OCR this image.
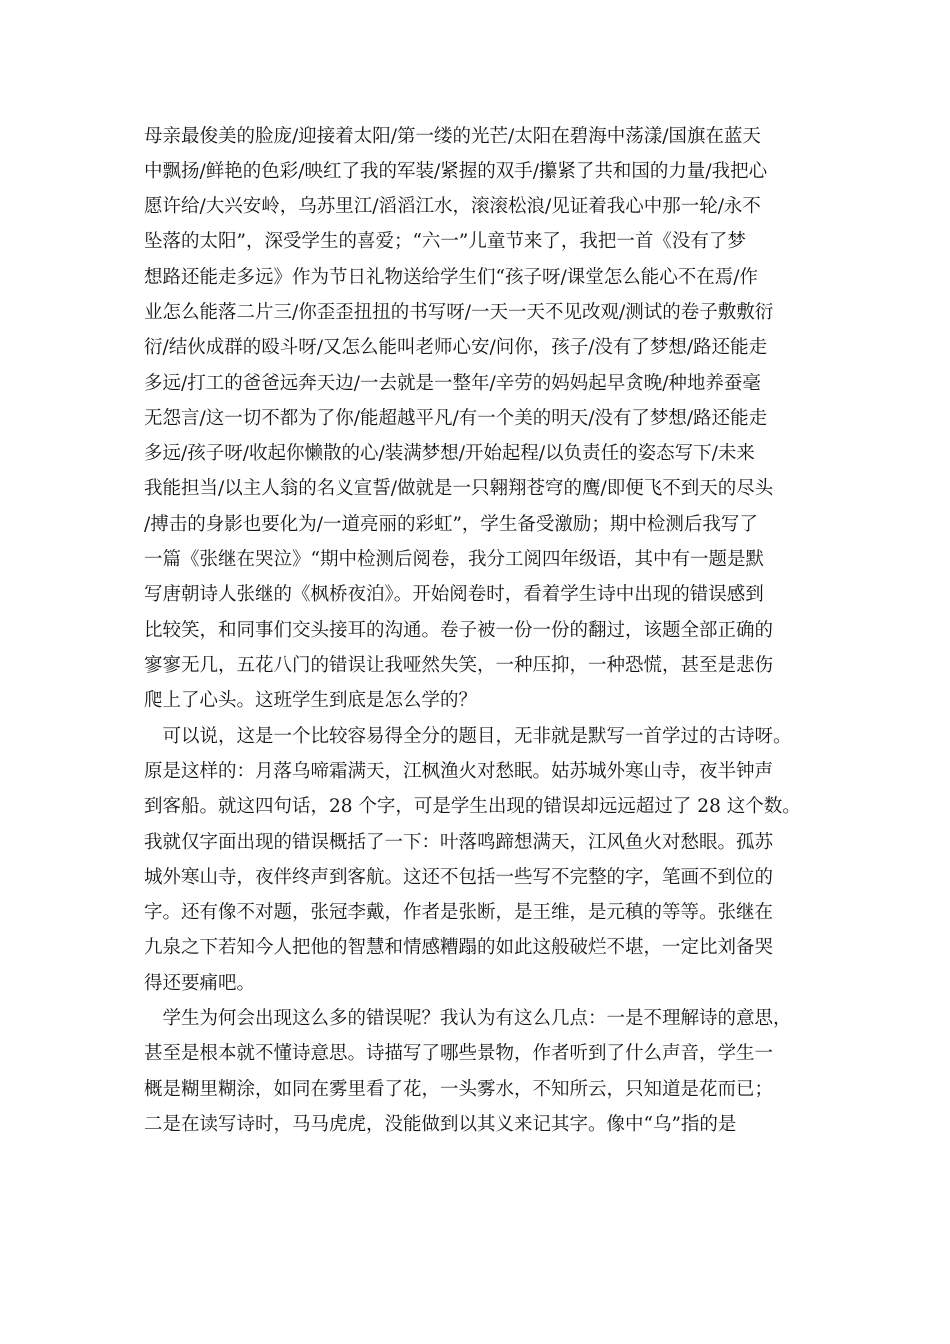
母亲最俊美的脸庞/迎接着太阳/第一缕的光芒/太阳在碧海中荡漾/国旗在蓝天
中飘扬/鲜艳的色彩/映红了我的军装/紧握的双手/攥紧了共和国的力量/我把心
愿许给/大兴安岭，乌苏里江/滔滔江水，滚滚松浪/见证着我心中那一轮/永不
坠落的太阳”，深受学生的喜爱；“六一”儿童节来了，我把一首《没有了梦
想路还能走多远》作为节日礼物送给学生们“孩子呀/课堂怎么能心不在焉/作
业怎么能落二片三/你歪歪扭扭的书写呀/一天一天不见改观/测试的卷子敷敷衍
衍/结伙成群的殴斗呀/又怎么能叫老师心安/问你，孩子/没有了梦想/路还能走
多远/打工的爸爸远奔天边/一去就是一整年/辛劳的妈妈起早贪晚/种地养蚕毫
无怨言/这一切不都为了你/能超越平凡/有一个美的明天/没有了梦想/路还能走
多远/孩子呀/收起你懒散的心/装满梦想/开始起程/以负责任的姿态写下/未来
我能担当/以主人翁的名义宣誓/做就是一只翱翔苍穹的鹰/即便飞不到天的尽头
/搏击的身影也要化为/一道亮丽的彩虹”，学生备受激励；期中检测后我写了
一篇《张继在哭泣》“期中检测后阅卷，我分工阅四年级语，其中有一题是默
写唐朝诗人张继的《枫桥夜泊》。开始阅卷时，看着学生诗中出现的错误感到
比较笑，和同事们交头接耳的沟通。卷子被一份一份的翻过，该题全部正确的
寥寥无几，五花八门的错误让我哑然失笑，一种压抑，一种恐慌，甚至是悲伤
爬上了心头。这班学生到底是怎么学的？
　可以说，这是一个比较容易得全分的题目，无非就是默写一首学过的古诗呀。
原是这样的：月落乌啼霜满天，江枫渔火对愁眠。姑苏城外寒山寺，夜半钟声
到客船。就这四句话，28 个字，可是学生出现的错误却远远超过了 28 这个数。
我就仅字面出现的错误概括了一下：叶落鸣蹄想满天，江风鱼火对愁眼。孤苏
城外寒山寺，夜伴终声到客航。这还不包括一些写不完整的字，笔画不到位的
字。还有像不对题，张冠李戴，作者是张断，是王维，是元稹的等等。张继在
九泉之下若知今人把他的智慧和情感糟蹋的如此这般破烂不堪，一定比刘备哭
得还要痛吧。
　学生为何会出现这么多的错误呢？我认为有这么几点：一是不理解诗的意思，
甚至是根本就不懂诗意思。诗描写了哪些景物，作者听到了什么声音，学生一
概是糊里糊涂，如同在雾里看了花，一头雾水，不知所云，只知道是花而已；
二是在读写诗时，马马虎虎，没能做到以其义来记其字。像中“乌”指的是
